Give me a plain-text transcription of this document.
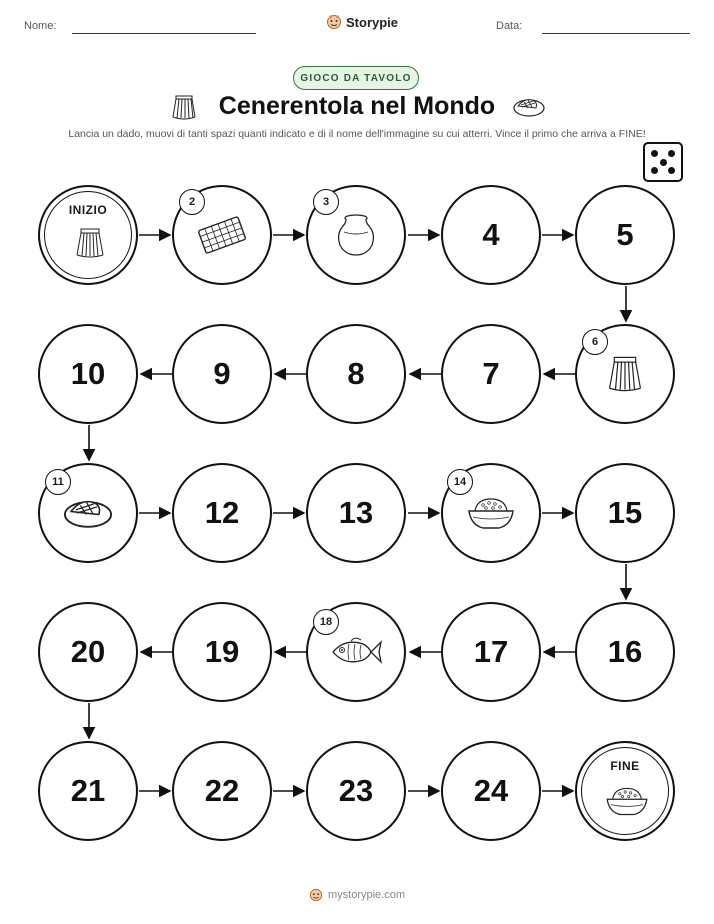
Nome:	Storypie	Data:
GIOCO DA TAVOLO
Cenerentola nel Mondo
Lancia un dado, muovi di tanti spazi quanti indicato e di il nome dell'immagine su cui atterri. Vince il primo che arriva a FINE!
INIZIO
2	3
4	5
6
7
8
9
10
11
12	13
14
15
16
17
18
19
20
21	22	23	24
FINE
mystorypie.com
